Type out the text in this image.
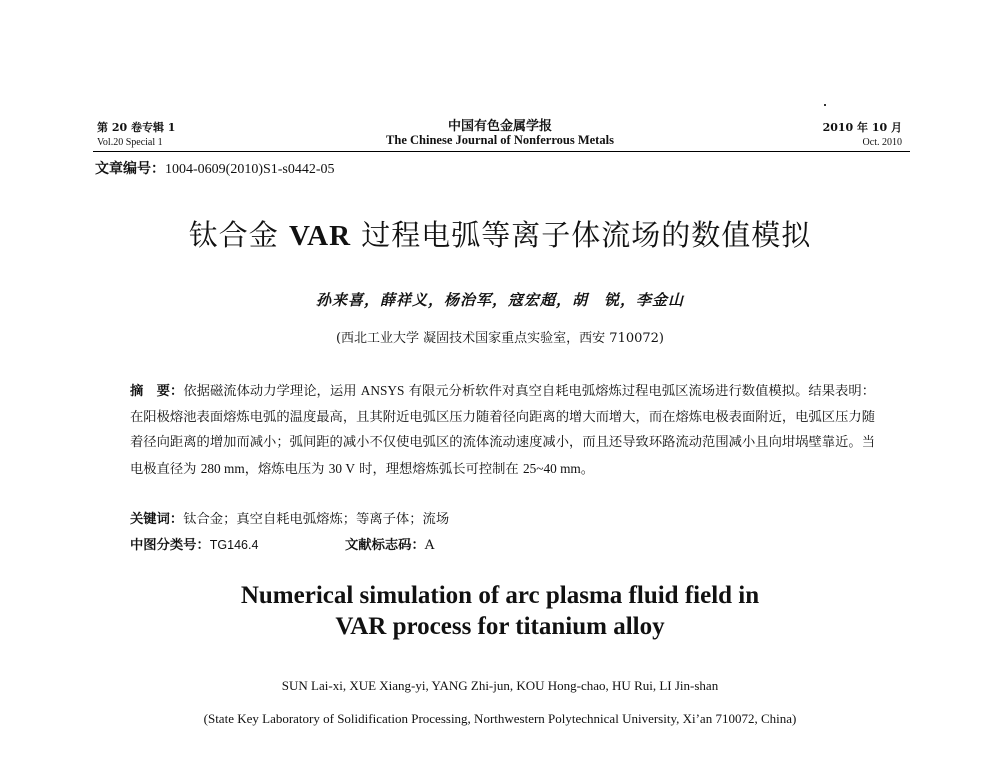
第 20 卷专辑 1
Vol.20 Special 1
中国有色金属学报
The Chinese Journal of Nonferrous Metals
2010 年 10 月
Oct. 2010
文章编号：1004-0609(2010)S1-s0442-05
钛合金 VAR 过程电弧等离子体流场的数值模拟
孙来喜，薛祥义，杨治军，寇宏超，胡　锐，李金山
(西北工业大学 凝固技术国家重点实验室，西安 710072)
摘　要：依据磁流体动力学理论，运用 ANSYS 有限元分析软件对真空自耗电弧熔炼过程电弧区流场进行数值模拟。结果表明：在阳极熔池表面熔炼电弧的温度最高，且其附近电弧区压力随着径向距离的增大而增大，而在熔炼电极表面附近，电弧区压力随着径向距离的增加而减小；弧间距的减小不仅使电弧区的流体流动速度减小，而且还导致环路流动范围减小且向坩埚壁靠近。当电极直径为 280 mm，熔炼电压为 30 V 时，理想熔炼弧长可控制在 25~40 mm。
关键词：钛合金；真空自耗电弧熔炼；等离子体；流场
中图分类号：TG146.4	文献标志码：A
Numerical simulation of arc plasma fluid field in
VAR process for titanium alloy
SUN Lai-xi, XUE Xiang-yi, YANG Zhi-jun, KOU Hong-chao, HU Rui, LI Jin-shan
(State Key Laboratory of Solidification Processing, Northwestern Polytechnical University, Xi’an 710072, China)
